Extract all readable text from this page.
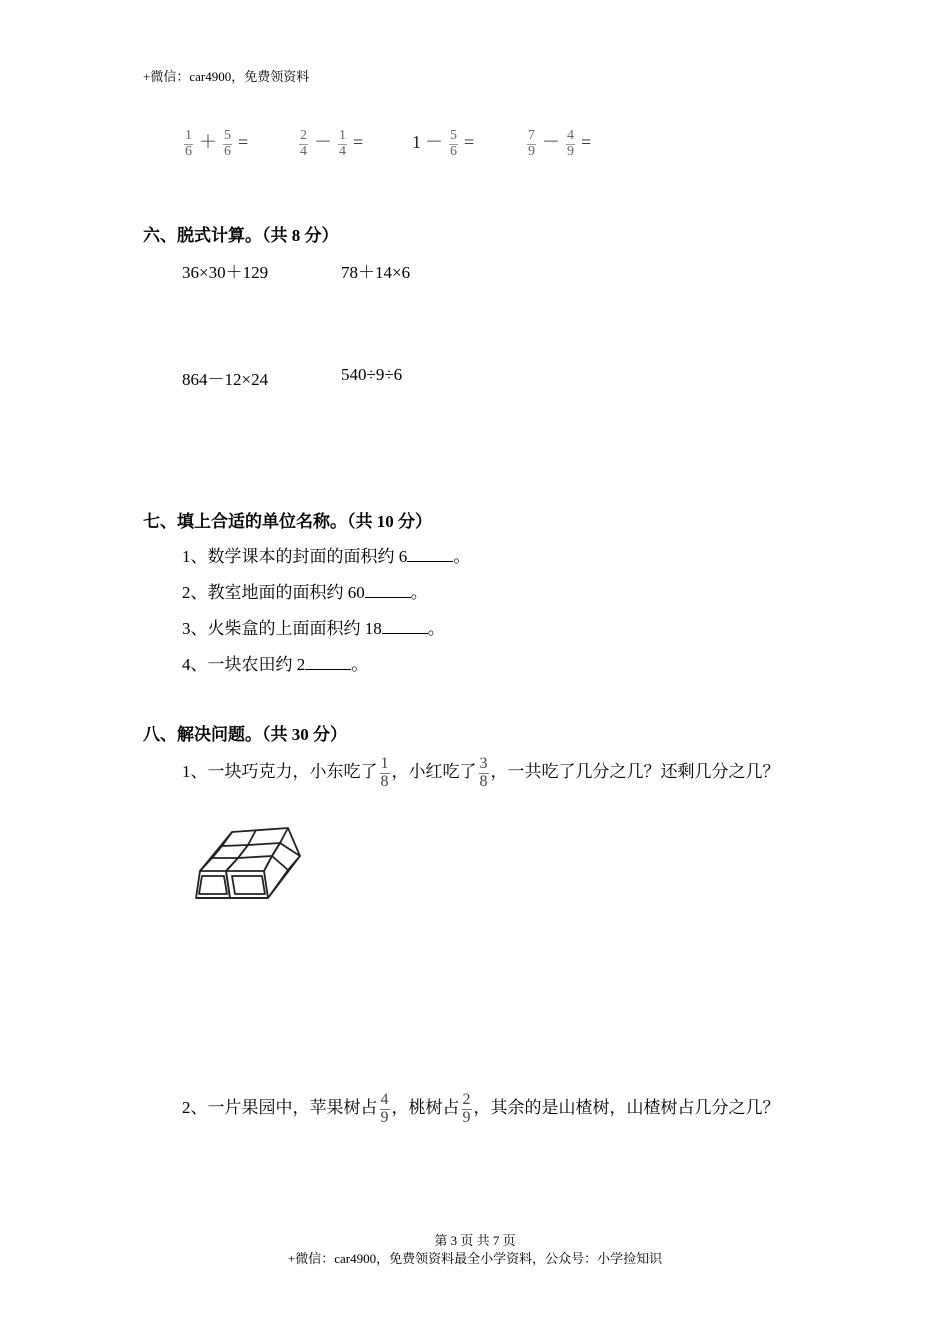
+微信：car4900，免费领资料
$\frac{1}{6} + \frac{5}{6}$ =	$\frac{2}{4} - \frac{1}{4}$ =	$1 - \frac{5}{6}$ =	$\frac{7}{9} - \frac{4}{9}$ =
六、脱式计算。（共 8 分）
36×30＋129	78＋14×6
864－12×24	540÷9÷6
七、填上合适的单位名称。（共 10 分）
1、数学课本的封面的面积约 6	。
2、教室地面的面积约 60	。
3、火柴盒的上面面积约 18	。
4、一块农田约 2	。
八、解决问题。（共 30 分）
1、一块巧克力，小东吃了 $\frac{1}{8}$ ，小红吃了 $\frac{3}{8}$ ，一共吃了几分之几？还剩几分之几？
2、一片果园中，苹果树占 $\frac{4}{9}$ ，桃树占 $\frac{2}{9}$ ，其余的是山楂树，山楂树占几分之几？
第 3 页 共 7 页
+微信：car4900，免费领资料最全小学资料，公众号：小学捡知识
